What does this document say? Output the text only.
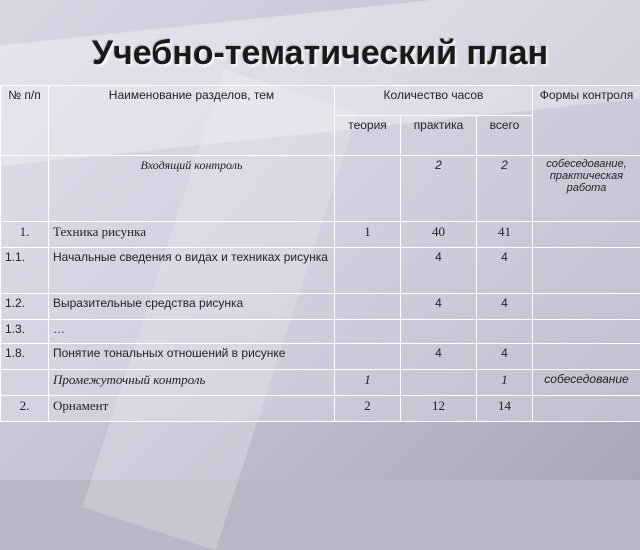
Учебно-тематический план
№ п/п	Наименование разделов, тем	Количество часов			Формы контроля
		теория	практика	всего	
	Входящий контроль		2	2	собеседование, практическая работа
1.	Техника рисунка	1	40	41	
1.1.	Начальные сведения о видах и техниках рисунка		4	4	
1.2.	Выразительные средства рисунка		4	4	
1.3.	…				
1.8.	Понятие тональных отношений в рисунке		4	4	
	Промежуточный контроль	1		1	собеседование
2.	Орнамент	2	12	14	
